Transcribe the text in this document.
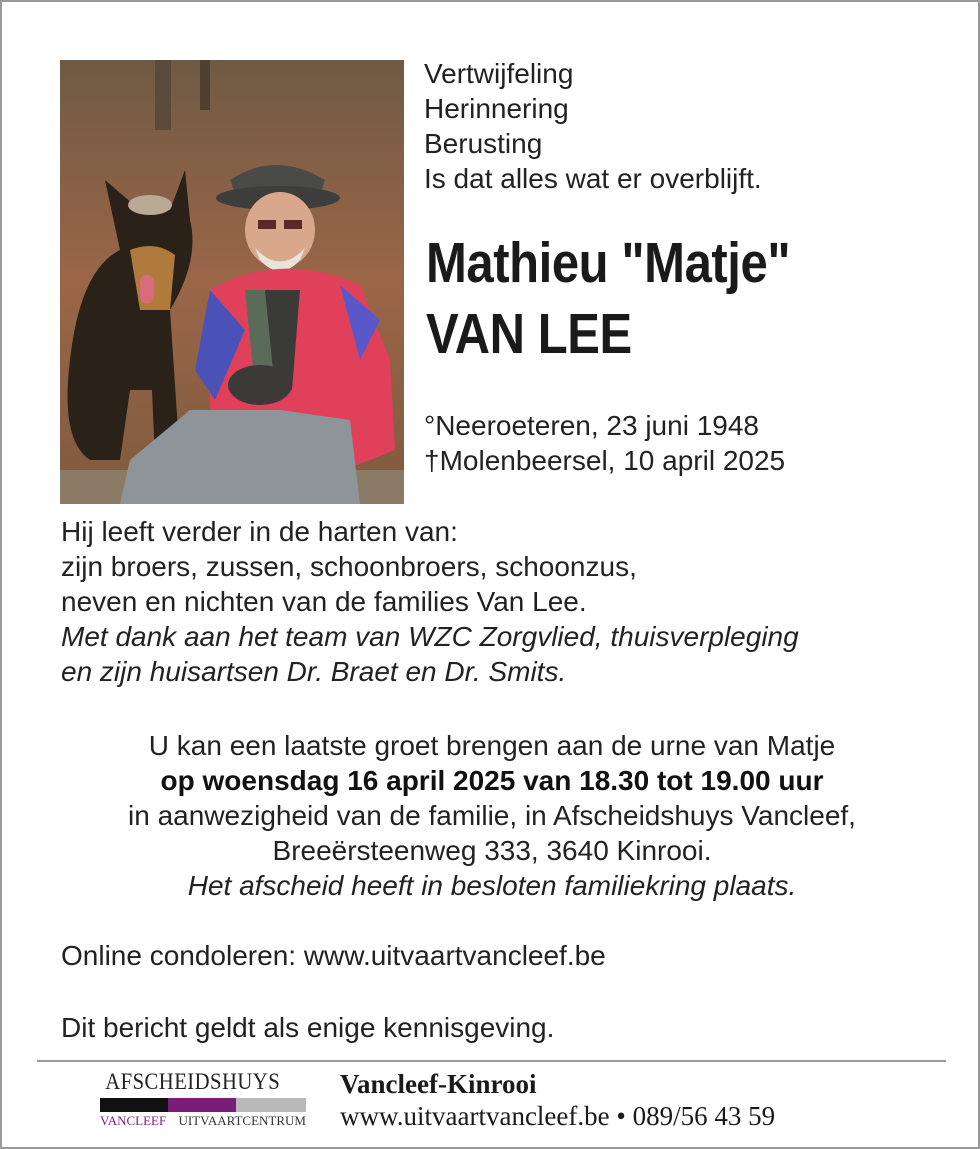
Vertwijfeling
Herinnering
Berusting
Is dat alles wat er overblijft.
Mathieu "Matje"
VAN LEE
°Neeroeteren, 23 juni 1948
†Molenbeersel, 10 april 2025
Hij leeft verder in de harten van:
zijn broers, zussen, schoonbroers, schoonzus,
neven en nichten van de families Van Lee.
Met dank aan het team van WZC Zorgvlied, thuisverpleging
en zijn huisartsen Dr. Braet en Dr. Smits.
U kan een laatste groet brengen aan de urne van Matje
op woensdag 16 april 2025 van 18.30 tot 19.00 uur
in aanwezigheid van de familie, in Afscheidshuys Vancleef,
Breeërsteenweg 333, 3640 Kinrooi.
Het afscheid heeft in besloten familiekring plaats.
Online condoleren: www.uitvaartvancleef.be
Dit bericht geldt als enige kennisgeving.
AFSCHEIDSHUYS
VANCLEEF UITVAARTCENTRUM
Vancleef-Kinrooi
www.uitvaartvancleef.be • 089/56 43 59
